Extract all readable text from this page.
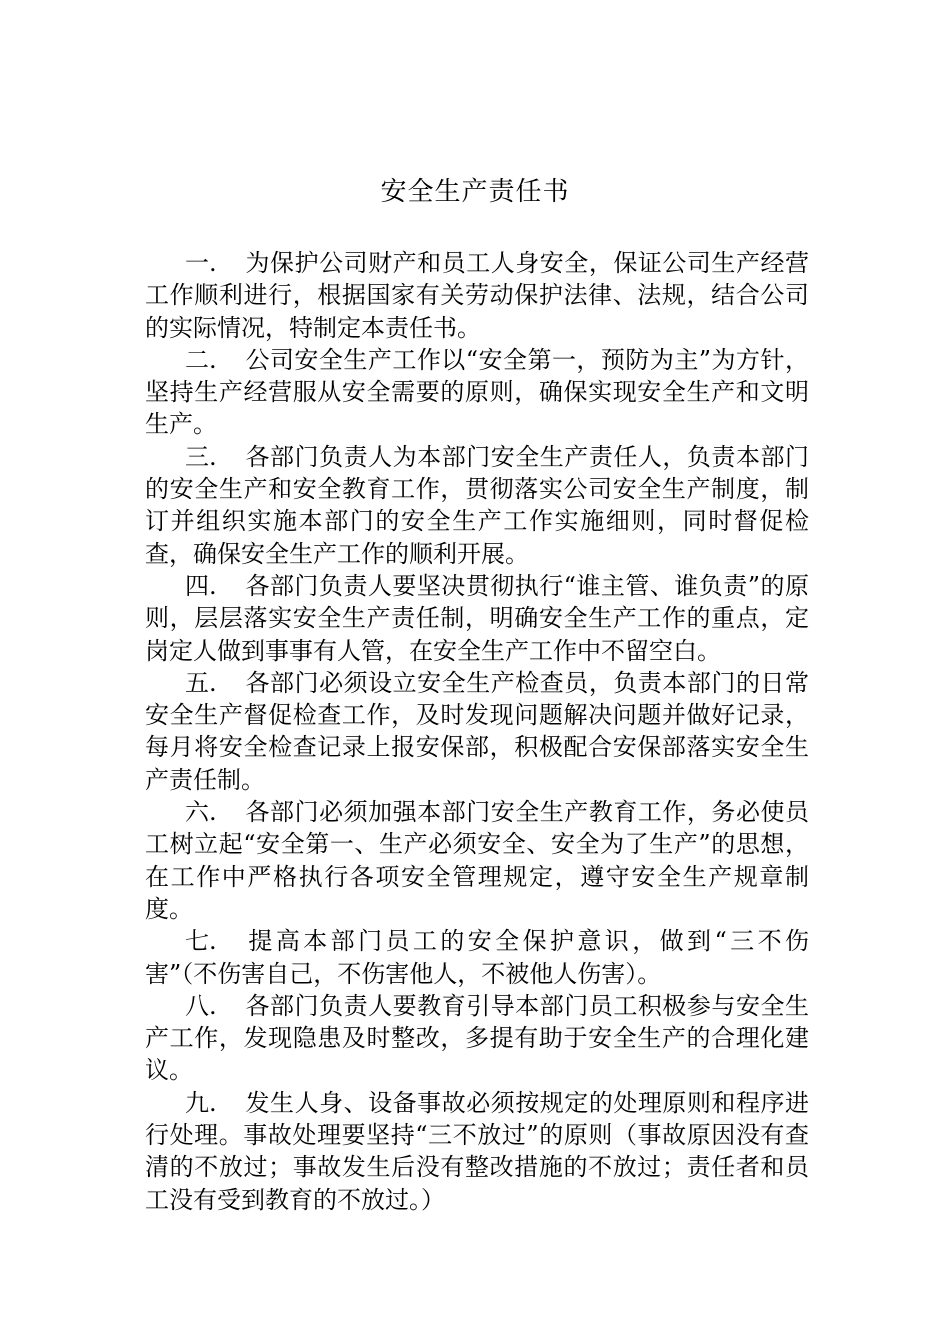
安全生产责任书

一. 为保护公司财产和员工人身安全，保证公司生产经营工作顺利进行，根据国家有关劳动保护法律、法规，结合公司的实际情况，特制定本责任书。

二. 公司安全生产工作以“安全第一，预防为主”为方针，坚持生产经营服从安全需要的原则，确保实现安全生产和文明生产。

三. 各部门负责人为本部门安全生产责任人，负责本部门的安全生产和安全教育工作，贯彻落实公司安全生产制度，制订并组织实施本部门的安全生产工作实施细则，同时督促检查，确保安全生产工作的顺利开展。

四. 各部门负责人要坚决贯彻执行“谁主管、谁负责”的原则，层层落实安全生产责任制，明确安全生产工作的重点，定岗定人做到事事有人管，在安全生产工作中不留空白。

五. 各部门必须设立安全生产检查员，负责本部门的日常安全生产督促检查工作，及时发现问题解决问题并做好记录，每月将安全检查记录上报安保部，积极配合安保部落实安全生产责任制。

六. 各部门必须加强本部门安全生产教育工作，务必使员工树立起“安全第一、生产必须安全、安全为了生产”的思想，在工作中严格执行各项安全管理规定，遵守安全生产规章制度。

七. 提高本部门员工的安全保护意识，做到“三不伤害”（不伤害自己，不伤害他人，不被他人伤害）。

八. 各部门负责人要教育引导本部门员工积极参与安全生产工作，发现隐患及时整改，多提有助于安全生产的合理化建议。

九. 发生人身、设备事故必须按规定的处理原则和程序进行处理。事故处理要坚持“三不放过”的原则（事故原因没有查清的不放过；事故发生后没有整改措施的不放过；责任者和员工没有受到教育的不放过。）
